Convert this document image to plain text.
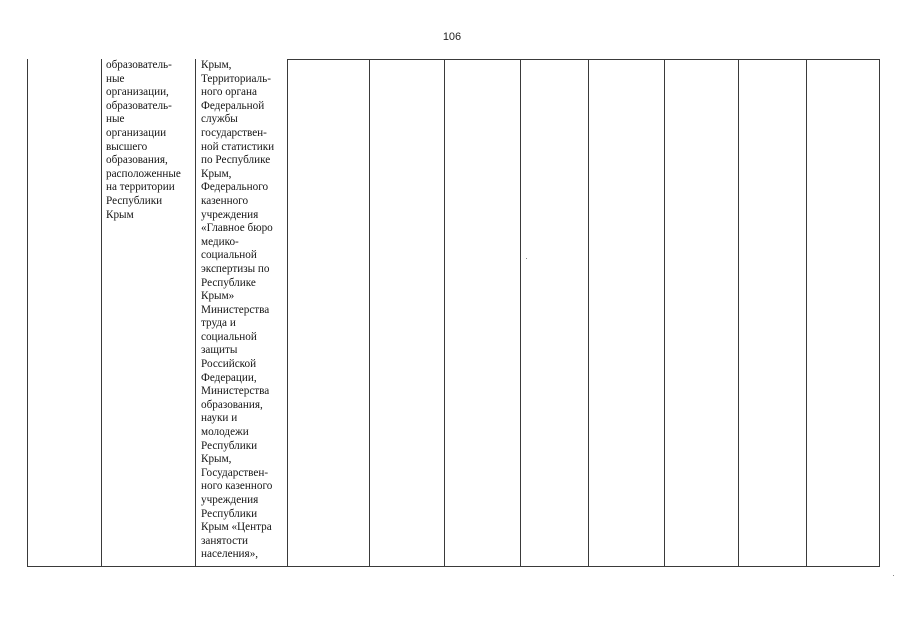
106
образователь-
ные
организации,
образователь-
ные
организации
высшего
образования,
расположенные
на территории
Республики
Крым
Крым,
Территориаль-
ного органа
Федеральной
службы
государствен-
ной статистики
по Республике
Крым,
Федерального
казенного
учреждения
«Главное бюро
медико-
социальной
экспертизы по
Республике
Крым»
Министерства
труда и
социальной
защиты
Российской
Федерации,
Министерства
образования,
науки и
молодежи
Республики
Крым,
Государствен-
ного казенного
учреждения
Республики
Крым «Центра
занятости
населения»,
